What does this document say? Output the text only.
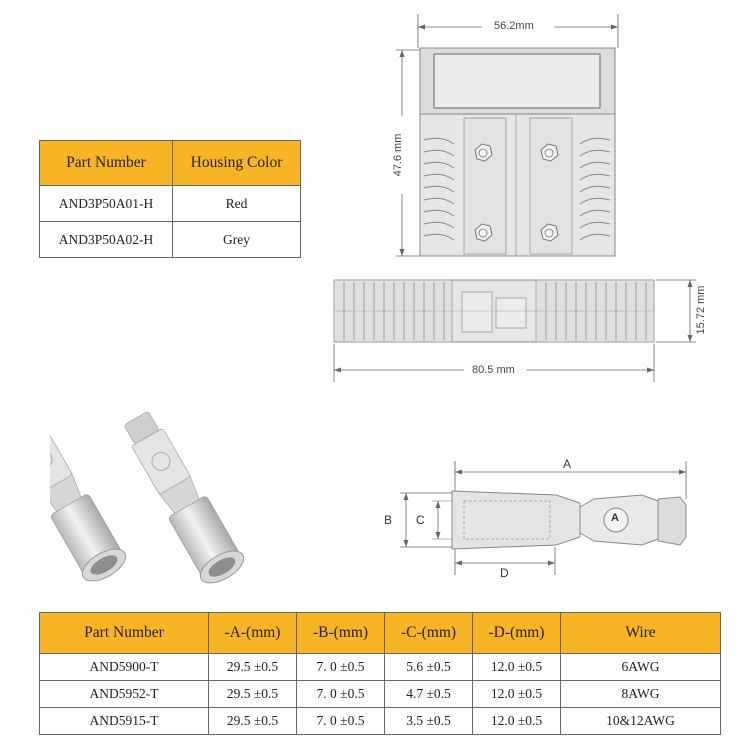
Part Number	Housing Color
AND3P50A01-H	Red
AND3P50A02-H	Grey
56.2mm
47.6 mm
15.72 mm
80.5 mm
A
B C
D
A
Part Number	-A-(mm)	-B-(mm)	-C-(mm)	-D-(mm)	Wire
AND5900-T	29.5 ±0.5	7. 0 ±0.5	5.6 ±0.5	12.0 ±0.5	6AWG
AND5952-T	29.5 ±0.5	7. 0 ±0.5	4.7 ±0.5	12.0 ±0.5	8AWG
AND5915-T	29.5 ±0.5	7. 0 ±0.5	3.5 ±0.5	12.0 ±0.5	10&12AWG
